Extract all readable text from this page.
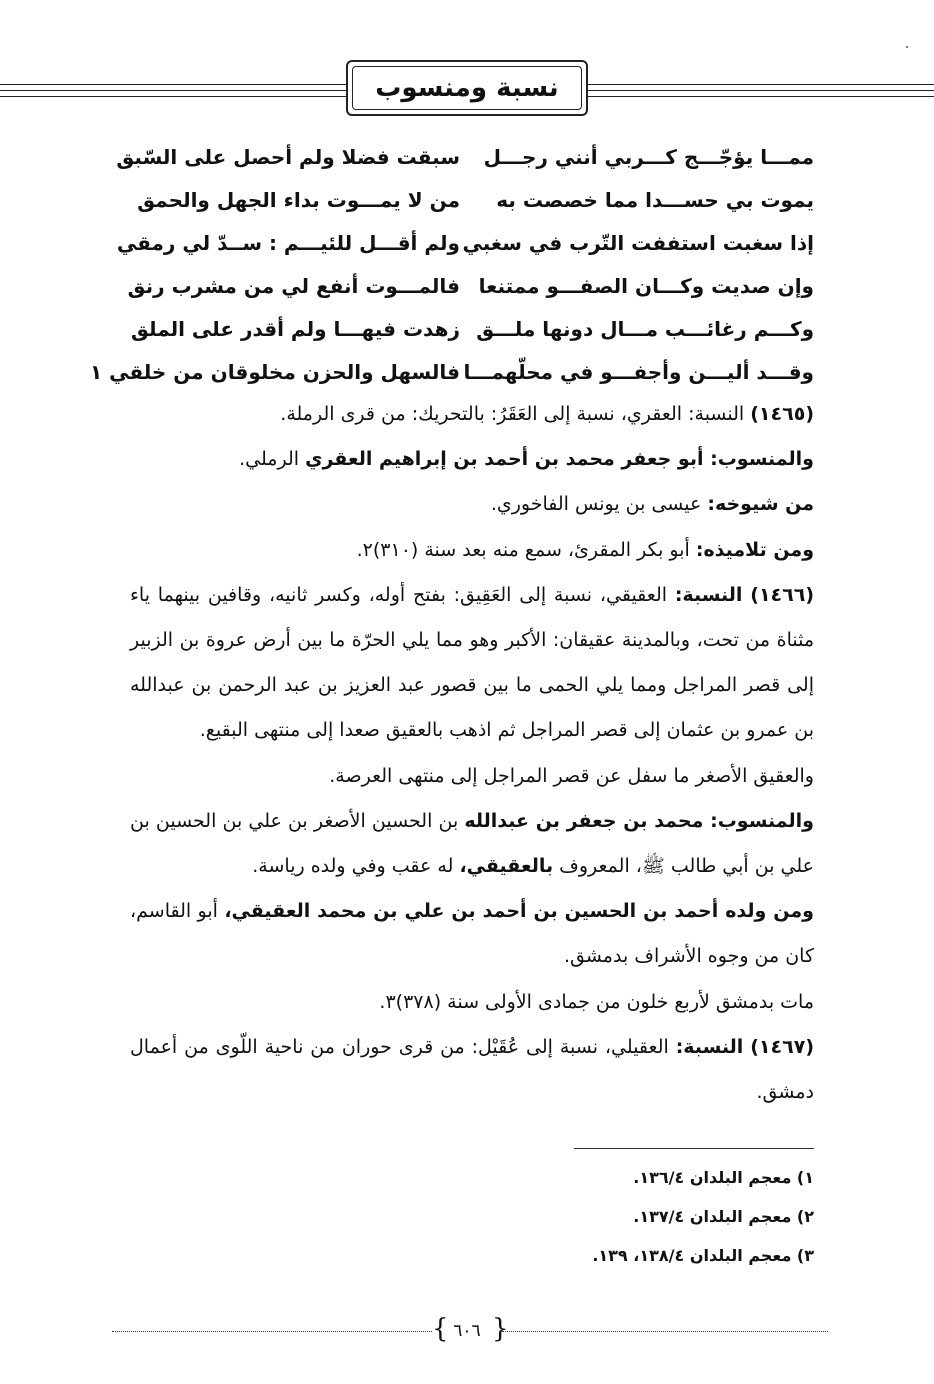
نسبة ومنسوب
ممـــا يؤجّـــج كـــربي أنني رجـــل
سبقت فضلا ولم أحصل على السّبق
يموت بي حســـدا مما خصصت به
من لا يمـــوت بداء الجهل والحمق
إذا سغبت استففت التّرب في سغبي
ولم أقـــل للئيـــم : ســدّ لي رمقي
وإن صديت وكـــان الصفـــو ممتنعا
فالمـــوت أنفع لي من مشرب رنق
وكـــم رغائـــب مـــال دونها ملـــق
زهدت فيهـــا ولم أقدر على الملق
وقـــد أليـــن وأجفـــو في محلّهمـــا
فالسهل والحزن مخلوقان من خلقي ١

(١٤٦٥) النسبة: العقري، نسبة إلى العَقَرُ: بالتحريك: من قرى الرملة.

والمنسوب: أبو جعفر محمد بن أحمد بن إبراهيم العقري الرملي.

من شيوخه: عيسى بن يونس الفاخوري.

ومن تلاميذه: أبو بكر المقرئ، سمع منه بعد سنة (٣١٠)٢.

(١٤٦٦) النسبة: العقيقي، نسبة إلى العَقِيق: بفتح أوله، وكسر ثانيه، وقافين بينهما ياء مثناة من تحت، وبالمدينة عقيقان: الأكبر وهو مما يلي الحرّة ما بين أرض عروة بن الزبير إلى قصر المراجل ومما يلي الحمى ما بين قصور عبد العزيز بن عبد الرحمن بن عبدالله بن عمرو بن عثمان إلى قصر المراجل ثم اذهب بالعقيق صعدا إلى منتهى البقيع.

والعقيق الأصغر ما سفل عن قصر المراجل إلى منتهى العرصة.

والمنسوب: محمد بن جعفر بن عبدالله بن الحسين الأصغر بن علي بن الحسين بن علي بن أبي طالب ﷺ، المعروف بالعقيقي، له عقب وفي ولده رياسة.

ومن ولده أحمد بن الحسين بن أحمد بن علي بن محمد العقيقي، أبو القاسم، كان من وجوه الأشراف بدمشق.

مات بدمشق لأربع خلون من جمادى الأولى سنة (٣٧٨)٣.

(١٤٦٧) النسبة: العقيلي، نسبة إلى عُقَيْل: من قرى حوران من ناحية اللّوى من أعمال دمشق.

١) معجم البلدان ١٣٦/٤.
٢) معجم البلدان ١٣٧/٤.
٣) معجم البلدان ١٣٨/٤، ١٣٩.
{ }
٦٠٦
